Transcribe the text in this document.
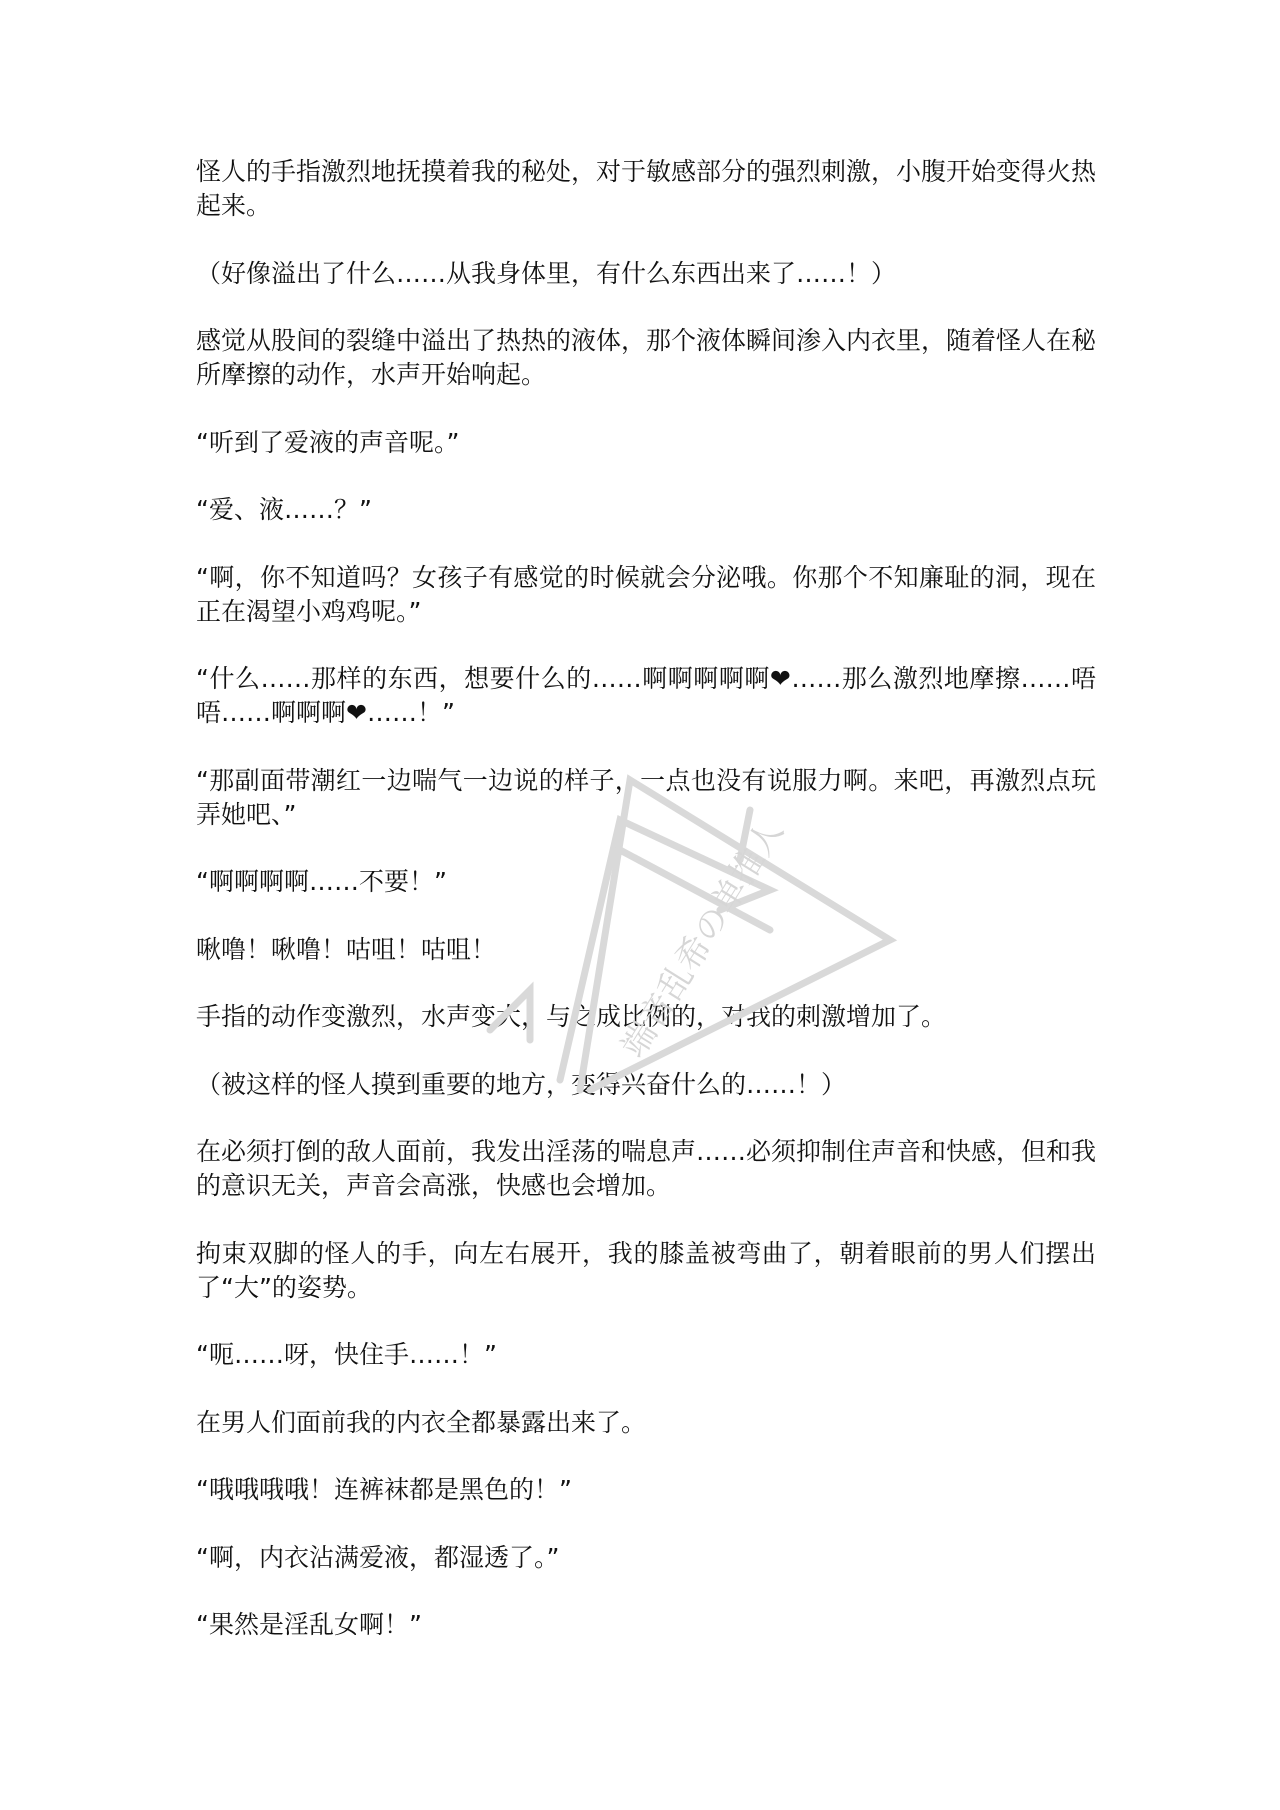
怪人的手指激烈地抚摸着我的秘处，对于敏感部分的强烈刺激，小腹开始变得火热起来。

（好像溢出了什么……从我身体里，有什么东西出来了……！）

感觉从股间的裂缝中溢出了热热的液体，那个液体瞬间渗入内衣里，随着怪人在秘所摩擦的动作，水声开始响起。

“听到了爱液的声音呢。”

“爱、液……？”

“啊，你不知道吗？女孩子有感觉的时候就会分泌哦。你那个不知廉耻的洞，现在正在渴望小鸡鸡呢。”

“什么……那样的东西，想要什么的……啊啊啊啊啊❤……那么激烈地摩擦……唔唔……啊啊啊❤……！”

“那副面带潮红一边喘气一边说的样子，一点也没有说服力啊。来吧，再激烈点玩弄她吧、”

“啊啊啊啊……不要！”

啾噜！啾噜！咕咀！咕咀！

手指的动作变激烈，水声变大，与之成比例的，对我的刺激增加了。

（被这样的怪人摸到重要的地方，变得兴奋什么的……！）

在必须打倒的敌人面前，我发出淫荡的喘息声……必须抑制住声音和快感，但和我的意识无关，声音会高涨，快感也会增加。

拘束双脚的怪人的手，向左右展开，我的膝盖被弯曲了，朝着眼前的男人们摆出了“大”的姿势。

“呃……呀，快住手……！”

在男人们面前我的内衣全都暴露出来了。

“哦哦哦哦！连裤袜都是黑色的！”

“啊，内衣沾满爱液，都湿透了。”

“果然是淫乱女啊！”

端音乱希の单推人
